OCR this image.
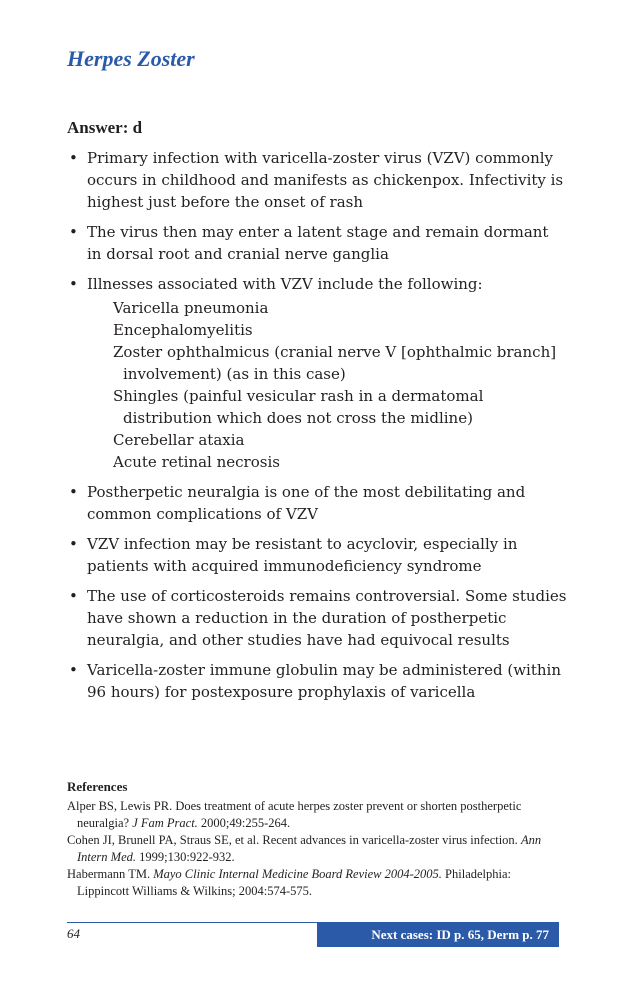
Herpes Zoster
Answer: d
• Primary infection with varicella-zoster virus (VZV) commonly occurs in childhood and manifests as chickenpox. Infectivity is highest just before the onset of rash
• The virus then may enter a latent stage and remain dormant in dorsal root and cranial nerve ganglia
• Illnesses associated with VZV include the following:
Varicella pneumonia
Encephalomyelitis
Zoster ophthalmicus (cranial nerve V [ophthalmic branch] involvement) (as in this case)
Shingles (painful vesicular rash in a dermatomal distribution which does not cross the midline)
Cerebellar ataxia
Acute retinal necrosis
• Postherpetic neuralgia is one of the most debilitating and common complications of VZV
• VZV infection may be resistant to acyclovir, especially in patients with acquired immunodeficiency syndrome
• The use of corticosteroids remains controversial. Some studies have shown a reduction in the duration of postherpetic neuralgia, and other studies have had equivocal results
• Varicella-zoster immune globulin may be administered (within 96 hours) for postexposure prophylaxis of varicella
References
Alper BS, Lewis PR. Does treatment of acute herpes zoster prevent or shorten postherpetic neuralgia? J Fam Pract. 2000;49:255-264.
Cohen JI, Brunell PA, Straus SE, et al. Recent advances in varicella-zoster virus infection. Ann Intern Med. 1999;130:922-932.
Habermann TM. Mayo Clinic Internal Medicine Board Review 2004-2005. Philadelphia: Lippincott Williams & Wilkins; 2004:574-575.
64	Next cases: ID p. 65, Derm p. 77
